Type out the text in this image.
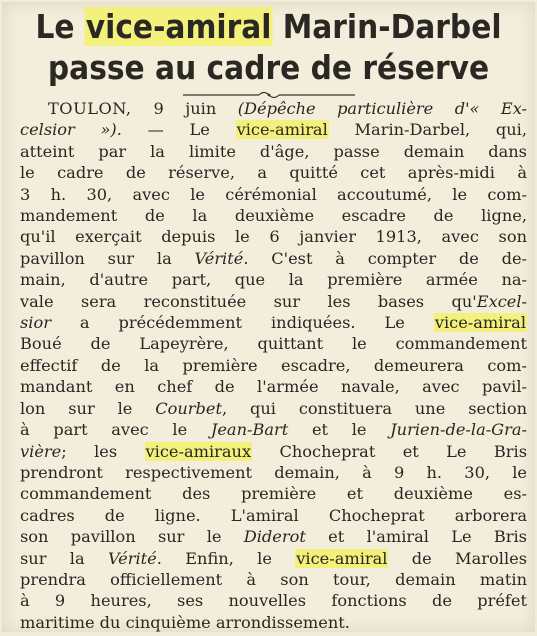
Le vice-amiral Marin-Darbel
passe au cadre de réserve
TOULON, 9 juin (Dépêche particulière d'« Ex-
celsior »). — Le vice-amiral Marin-Darbel, qui,
atteint par la limite d'âge, passe demain dans
le cadre de réserve, a quitté cet après-midi à
3 h. 30, avec le cérémonial accoutumé, le com-
mandement de la deuxième escadre de ligne,
qu'il exerçait depuis le 6 janvier 1913, avec son
pavillon sur la Vérité. C'est à compter de de-
main, d'autre part, que la première armée na-
vale sera reconstituée sur les bases qu'Excel-
sior a précédemment indiquées. Le vice-amiral
Boué de Lapeyrère, quittant le commandement
effectif de la première escadre, demeurera com-
mandant en chef de l'armée navale, avec pavil-
lon sur le Courbet, qui constituera une section
à part avec le Jean-Bart et le Jurien-de-la-Gra-
vière; les vice-amiraux Chocheprat et Le Bris
prendront respectivement demain, à 9 h. 30, le
commandement des première et deuxième es-
cadres de ligne. L'amiral Chocheprat arborera
son pavillon sur le Diderot et l'amiral Le Bris
sur la Vérité. Enfin, le vice-amiral de Marolles
prendra officiellement à son tour, demain matin
à 9 heures, ses nouvelles fonctions de préfet
maritime du cinquième arrondissement.
